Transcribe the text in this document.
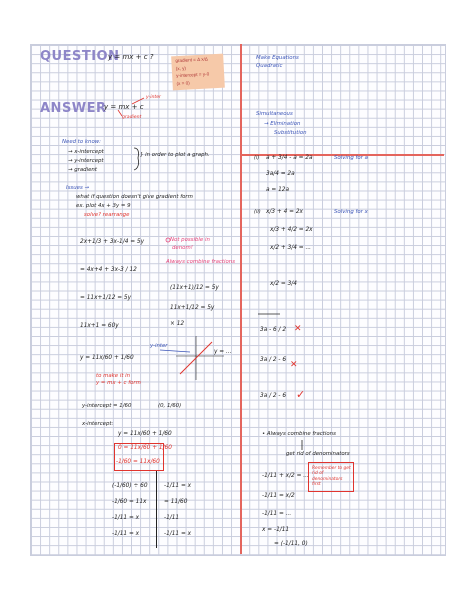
QUESTION
y = mx + c ?	gradient = Δ x/Δ
(x, y)
y-intercept = y-0
(x = 0)
ANSWER
y = mx + c
y-inter
gradient
Make Equations
Quadratic
Simultaneous
→ Elimination
Substitution
Need to know:
→ x-intercept
→ y-intercept
→ gradient
} in order to plot a graph.
Issues →
what if question doesn't give gradient form
ex. plot 4x + 3y = 9
solve? rearrange
Not possible in
denom!
Always combine fractions
2x+1/3 + 3x-1/4 = 5y
= 4x+4 + 3x-3 / 12
= 11x+1/12 = 5y
11x+1 = 60y
y = 11x/60 + 1/60
(11x+1)/12 = 5y
11x+1/12 = 5y
× 12
y = ...
y-inter
to make it in
y = mx + c form
y-intercept = 1/60	(0, 1/60)
x-intercept:
y = 11x/60 + 1/60
0 = 11x/60 + 1/60
-1/60 = 11x/60
(-1/60) ÷ 60
-1/60 = 11x
-1/11 = x
-1/11 = x
-1/11 = x
= 11/60
-1/11
-1/11 = x
(i) a + 3/4 - a = 2a	Solving for a
3a/4 = 2a
a = 12a
(ii) x/3 + 4 = 2x	Solving for x
x/3 + 4/2 = 2x
x/2 + 3/4 = ...
x/2 = 3/4
3a - 6 / 2 ✕
3a / 2 - 6 ✕
3a / 2 - 6 ✓
• Always combine fractions
get rid of denominators
-1/11 + x/2 = ...
Remember to get rid of denominators first
-1/11 = x/2
-1/11 = ...
x = -1/11
= (-1/11, 0)
